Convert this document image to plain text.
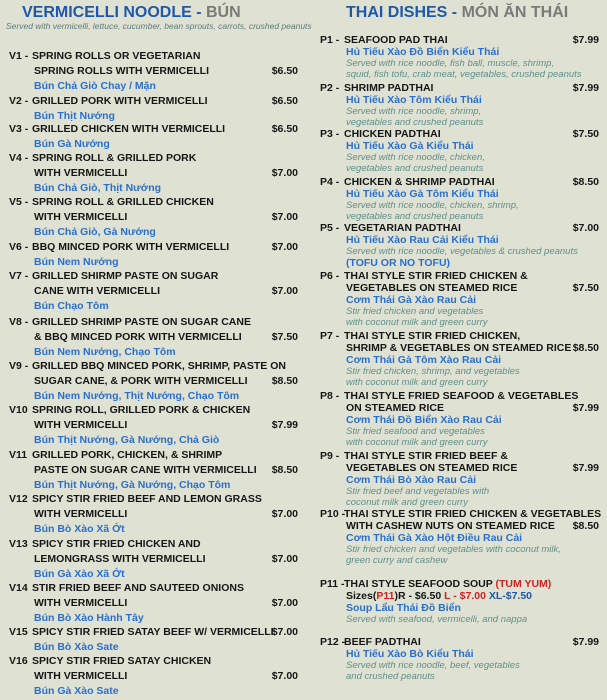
VERMICELLI NOODLE - BÚN
Served with vermicelli, lettuce, cucumber, bean sprouts, carrots, crushed peanuts
V1 - SPRING ROLLS OR VEGETARIAN
SPRING ROLLS WITH VERMICELLI	$6.50
Bún Chả Giò Chay / Mặn
V2 - GRILLED PORK WITH VERMICELLI	$6.50
Bún Thịt Nướng
V3 - GRILLED CHICKEN WITH VERMICELLI	$6.50
Bún Gà Nướng
V4 - SPRING ROLL & GRILLED PORK
WITH VERMICELLI	$7.00
Bún Chả Giò, Thịt Nướng
V5 - SPRING ROLL & GRILLED CHICKEN
WITH VERMICELLI	$7.00
Bún Chả Giò, Gà Nướng
V6 - BBQ MINCED PORK WITH VERMICELLI	$7.00
Bún Nem Nướng
V7 - GRILLED SHIRMP PASTE ON SUGAR
CANE WITH VERMICELLI	$7.00
Bún Chạo Tôm
V8 - GRILLED SHRIMP PASTE ON SUGAR CANE
& BBQ MINCED PORK WITH VERMICELLI	$7.50
Bún Nem Nướng, Chạo Tôm
V9 - GRILLED BBQ MINCED PORK, SHRIMP, PASTE ON
SUGAR CANE, & PORK WITH VERMICELLI $8.50
Bún Nem Nướng, Thịt Nướng, Chạo Tôm
V10 SPRING ROLL, GRILLED PORK & CHICKEN
WITH VERMICELLI	$7.99
Bún Thịt Nướng, Gà Nướng, Chả Giò
V11 GRILLED PORK, CHICKEN, & SHRIMP
PASTE ON SUGAR CANE WITH VERMICELLI $8.50
Bún Thịt Nướng, Gà Nướng, Chạo Tôm
V12 SPICY STIR FRIED BEEF AND LEMON GRASS
WITH VERMICELLI	$7.00
Bún Bò Xào Xã Ớt
V13 SPICY STIR FRIED CHICKEN AND
LEMONGRASS WITH VERMICELLI	$7.00
Bún Gà Xào Xã Ớt
V14 STIR FRIED BEEF AND SAUTEED ONIONS
WITH VERMICELLI	$7.00
Bún Bò Xào Hành Tây
V15 SPICY STIR FRIED SATAY BEEF W/ VERMICELLI
$7.00
Bún Bò Xào Sate
V16 SPICY STIR FRIED SATAY CHICKEN
WITH VERMICELLI	$7.00
Bún Gà Xào Sate
THAI DISHES - MÓN ĂN THÁI
P1 - SEAFOOD PAD THAI	$7.99
Hủ Tiếu Xào Đồ Biển Kiểu Thái
Served with rice noodle, fish ball, muscle, shrimp,
squid, fish tofu, crab meat, vegetables, crushed peanuts
P2 - SHRIMP PADTHAI	$7.99
Hủ Tiếu Xào Tôm Kiểu Thái
Served with rice noodle, shrimp,
vegetables and crushed peanuts
P3 - CHICKEN PADTHAI	$7.50
Hủ Tiếu Xào Gà Kiểu Thái
Served with rice noodle, chicken,
vegetables and crushed peanuts
P4 - CHICKEN & SHRIMP PADTHAI	$8.50
Hủ Tiếu Xào Gà Tôm Kiểu Thái
Served with rice noodle, chicken, shrimp,
vegetables and crushed peanuts
P5 - VEGETARIAN PADTHAI	$7.00
Hủ Tiếu Xào Rau Cải Kiểu Thái
Served with rice noodle, vegetables & crushed peanuts
(TOFU OR NO TOFU)
P6 - THAI STYLE STIR FRIED CHICKEN &
VEGETABLES ON STEAMED RICE	$7.50
Cơm Thái Gà Xào Rau Cải
Stir fried chicken and vegetables
with coconut milk and green curry
P7 - THAI STYLE STIR FRIED CHICKEN,
SHRIMP & VEGETABLES ON STEAMED RICE $8.50
Cơm Thái Gà Tôm Xào Rau Cải
Stir fried chicken, shrimp, and vegetables
with coconut milk and green curry
P8 - THAI STYLE FRIED SEAFOOD & VEGETABLES
ON STEAMED RICE	$7.99
Cơm Thái Đồ Biển Xào Rau Cải
Stir fried seafood and vegetables
with coconut milk and green curry
P9 - THAI STYLE STIR FRIED BEEF &
VEGETABLES ON STEAMED RICE	$7.99
Cơm Thái Bò Xào Rau Cải
Stir fried beef and vegetables with
coconut milk and green curry
P10 -
THAI STYLE STIR FRIED CHICKEN & VEGETABLES
WITH CASHEW NUTS ON STEAMED RICE $8.50
Cơm Thái Gà Xào Hột Điều Rau Cải
Stir fried chicken and vegetables with coconut milk,
green curry and cashew
P11 - THAI STYLE SEAFOOD SOUP (TUM YUM)
Sizes(P11)R - $6.50 L - $7.00 XL-$7.50
Soup Lẩu Thái Đồ Biển
Served with seafood, vermicelli, and nappa
P12 -
BEEF PADTHAI	$7.99
Hủ Tiếu Xào Bò Kiểu Thái
Served with rice noodle, beef, vegetables
and crushed peanuts
